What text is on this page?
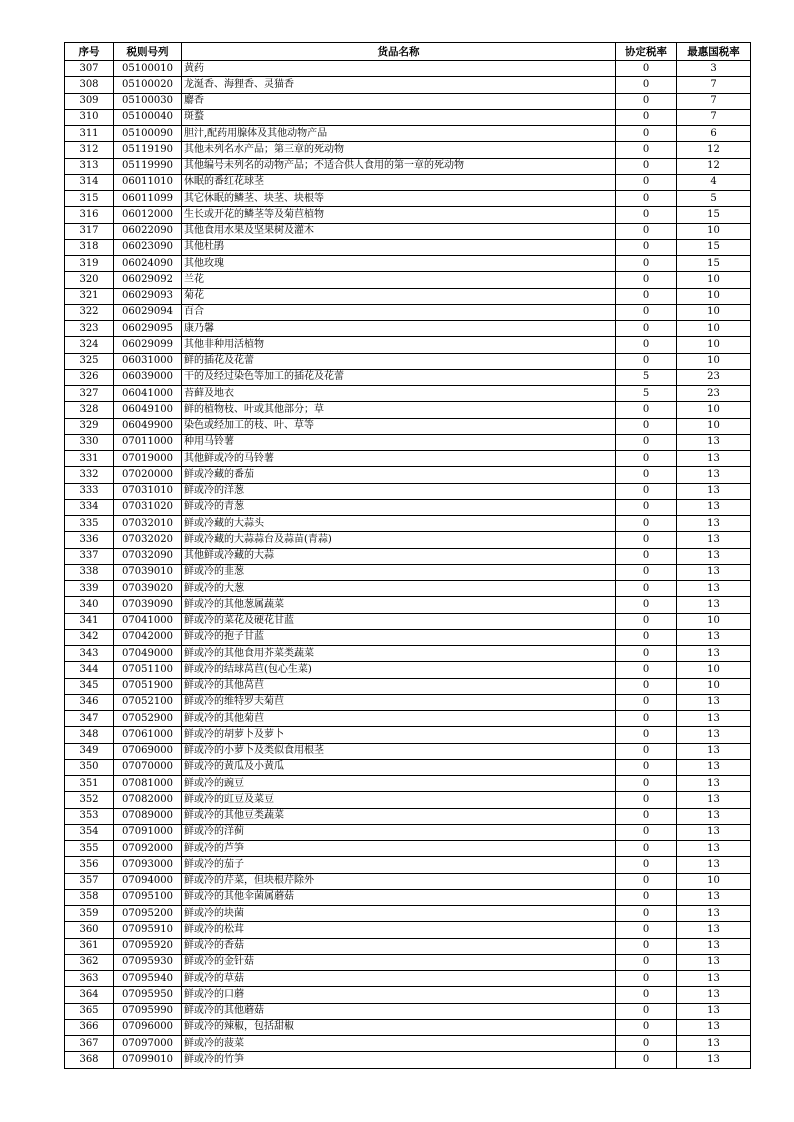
序号	税则号列	货品名称	协定税率	最惠国税率
307	05100010	黄药	0	3
308	05100020	龙涎香、海狸香、灵猫香	0	7
309	05100030	麝香	0	7
310	05100040	斑蝥	0	7
311	05100090	胆汁,配药用腺体及其他动物产品	0	6
312	05119190	其他未列名水产品；第三章的死动物	0	12
313	05119990	其他编号未列名的动物产品；不适合供人食用的第一章的死动物	0	12
314	06011010	休眠的番红花球茎	0	4
315	06011099	其它休眠的鳞茎、块茎、块根等	0	5
316	06012000	生长或开花的鳞茎等及菊苣植物	0	15
317	06022090	其他食用水果及坚果树及灌木	0	10
318	06023090	其他杜鹃	0	15
319	06024090	其他玫瑰	0	15
320	06029092	兰花	0	10
321	06029093	菊花	0	10
322	06029094	百合	0	10
323	06029095	康乃馨	0	10
324	06029099	其他非种用活植物	0	10
325	06031000	鲜的插花及花蕾	0	10
326	06039000	干的及经过染色等加工的插花及花蕾	5	23
327	06041000	苔藓及地衣	5	23
328	06049100	鲜的植物枝、叶或其他部分；草	0	10
329	06049900	染色或经加工的枝、叶、草等	0	10
330	07011000	种用马铃薯	0	13
331	07019000	其他鲜或冷的马铃薯	0	13
332	07020000	鲜或冷藏的番茄	0	13
333	07031010	鲜或冷的洋葱	0	13
334	07031020	鲜或冷的青葱	0	13
335	07032010	鲜或冷藏的大蒜头	0	13
336	07032020	鲜或冷藏的大蒜蒜台及蒜苗(青蒜)	0	13
337	07032090	其他鲜或冷藏的大蒜	0	13
338	07039010	鲜或冷的韭葱	0	13
339	07039020	鲜或冷的大葱	0	13
340	07039090	鲜或冷的其他葱属蔬菜	0	13
341	07041000	鲜或冷的菜花及硬花甘蓝	0	10
342	07042000	鲜或冷的抱子甘蓝	0	13
343	07049000	鲜或冷的其他食用芥菜类蔬菜	0	13
344	07051100	鲜或冷的结球莴苣(包心生菜)	0	10
345	07051900	鲜或冷的其他莴苣	0	10
346	07052100	鲜或冷的维特罗夫菊苣	0	13
347	07052900	鲜或冷的其他菊苣	0	13
348	07061000	鲜或冷的胡萝卜及萝卜	0	13
349	07069000	鲜或冷的小萝卜及类似食用根茎	0	13
350	07070000	鲜或冷的黄瓜及小黄瓜	0	13
351	07081000	鲜或冷的豌豆	0	13
352	07082000	鲜或冷的豇豆及菜豆	0	13
353	07089000	鲜或冷的其他豆类蔬菜	0	13
354	07091000	鲜或冷的洋蓟	0	13
355	07092000	鲜或冷的芦笋	0	13
356	07093000	鲜或冷的茄子	0	13
357	07094000	鲜或冷的芹菜，但块根芹除外	0	10
358	07095100	鲜或冷的其他伞菌属蘑菇	0	13
359	07095200	鲜或冷的块菌	0	13
360	07095910	鲜或冷的松茸	0	13
361	07095920	鲜或冷的香菇	0	13
362	07095930	鲜或冷的金针菇	0	13
363	07095940	鲜或冷的草菇	0	13
364	07095950	鲜或冷的口蘑	0	13
365	07095990	鲜或冷的其他蘑菇	0	13
366	07096000	鲜或冷的辣椒，包括甜椒	0	13
367	07097000	鲜或冷的菠菜	0	13
368	07099010	鲜或冷的竹笋	0	13
